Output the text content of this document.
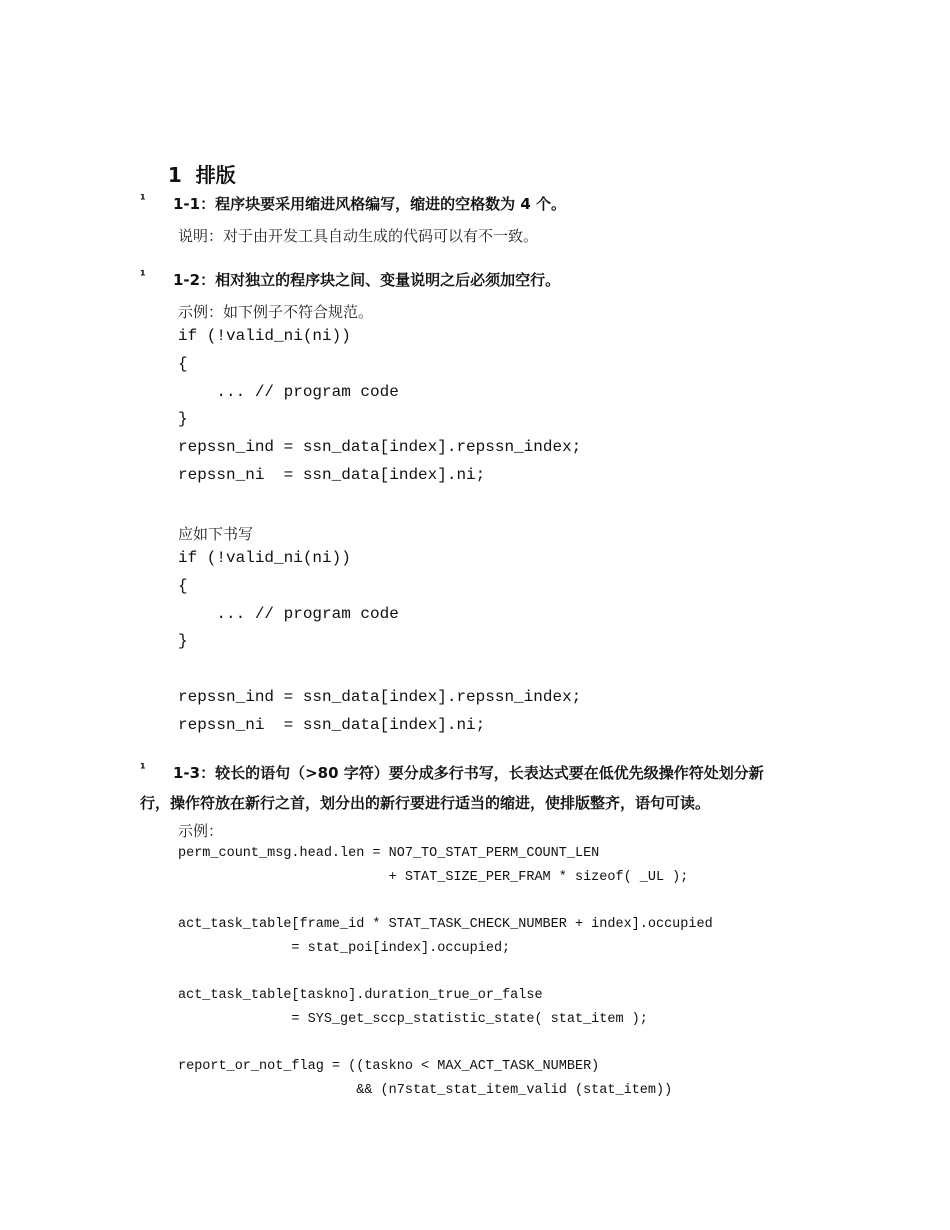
1 排版

¹ 1-1：程序块要采用缩进风格编写，缩进的空格数为 4 个。
说明：对于由开发工具自动生成的代码可以有不一致。
¹ 1-2：相对独立的程序块之间、变量说明之后必须加空行。
示例：如下例子不符合规范。
if (!valid_ni(ni))
{
... // program code
}
repssn_ind = ssn_data[index].repssn_index;
repssn_ni  = ssn_data[index].ni;
应如下书写
if (!valid_ni(ni))
{
... // program code
}
repssn_ind = ssn_data[index].repssn_index;
repssn_ni  = ssn_data[index].ni;
¹ 1-3：较长的语句（>80 字符）要分成多行书写，长表达式要在低优先级操作符处划分新
行，操作符放在新行之首，划分出的新行要进行适当的缩进，使排版整齐，语句可读。
示例：
perm_count_msg.head.len = NO7_TO_STAT_PERM_COUNT_LEN
+ STAT_SIZE_PER_FRAM * sizeof( _UL );
act_task_table[frame_id * STAT_TASK_CHECK_NUMBER + index].occupied
= stat_poi[index].occupied;
act_task_table[taskno].duration_true_or_false
= SYS_get_sccp_statistic_state( stat_item );
report_or_not_flag = ((taskno < MAX_ACT_TASK_NUMBER)
&& (n7stat_stat_item_valid (stat_item))
